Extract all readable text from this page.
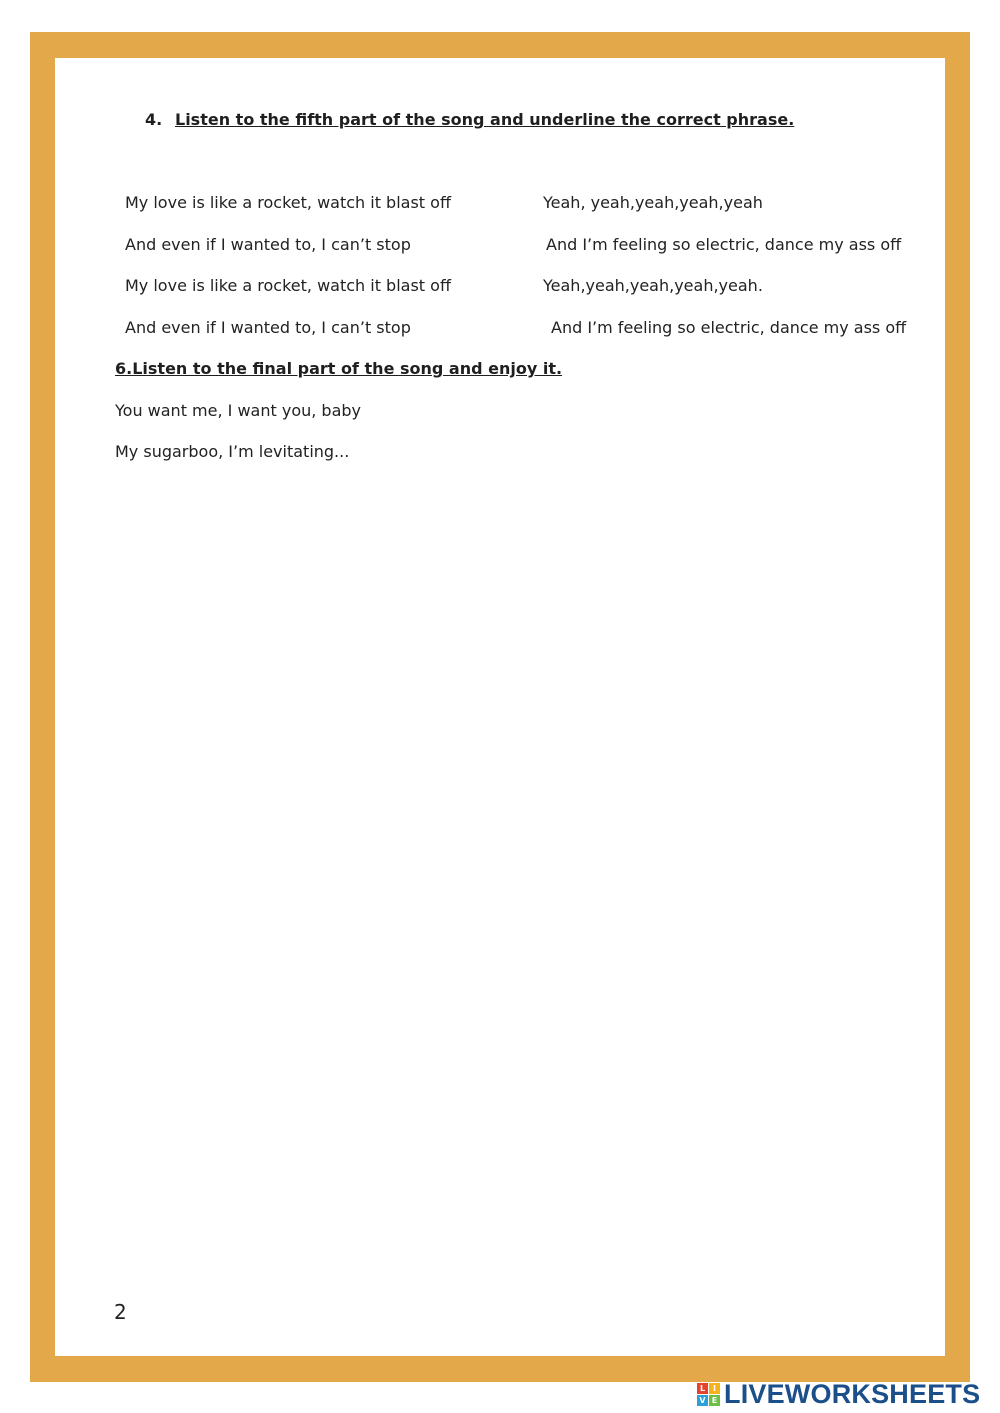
4. Listen to the fifth part of the song and underline the correct phrase.
My love is like a rocket, watch it blast off
And even if I wanted to, I can’t stop
My love is like a rocket, watch it blast off
And even if I wanted to, I can’t stop
Yeah, yeah,yeah,yeah,yeah
And I’m feeling so electric, dance my ass off
Yeah,yeah,yeah,yeah,yeah.
And I’m feeling so electric, dance my ass off
6.Listen to the final part of the song and enjoy it.
You want me, I want you, baby
My sugarboo, I’m levitating...
2
L I
V E LIVEWORKSHEETS
